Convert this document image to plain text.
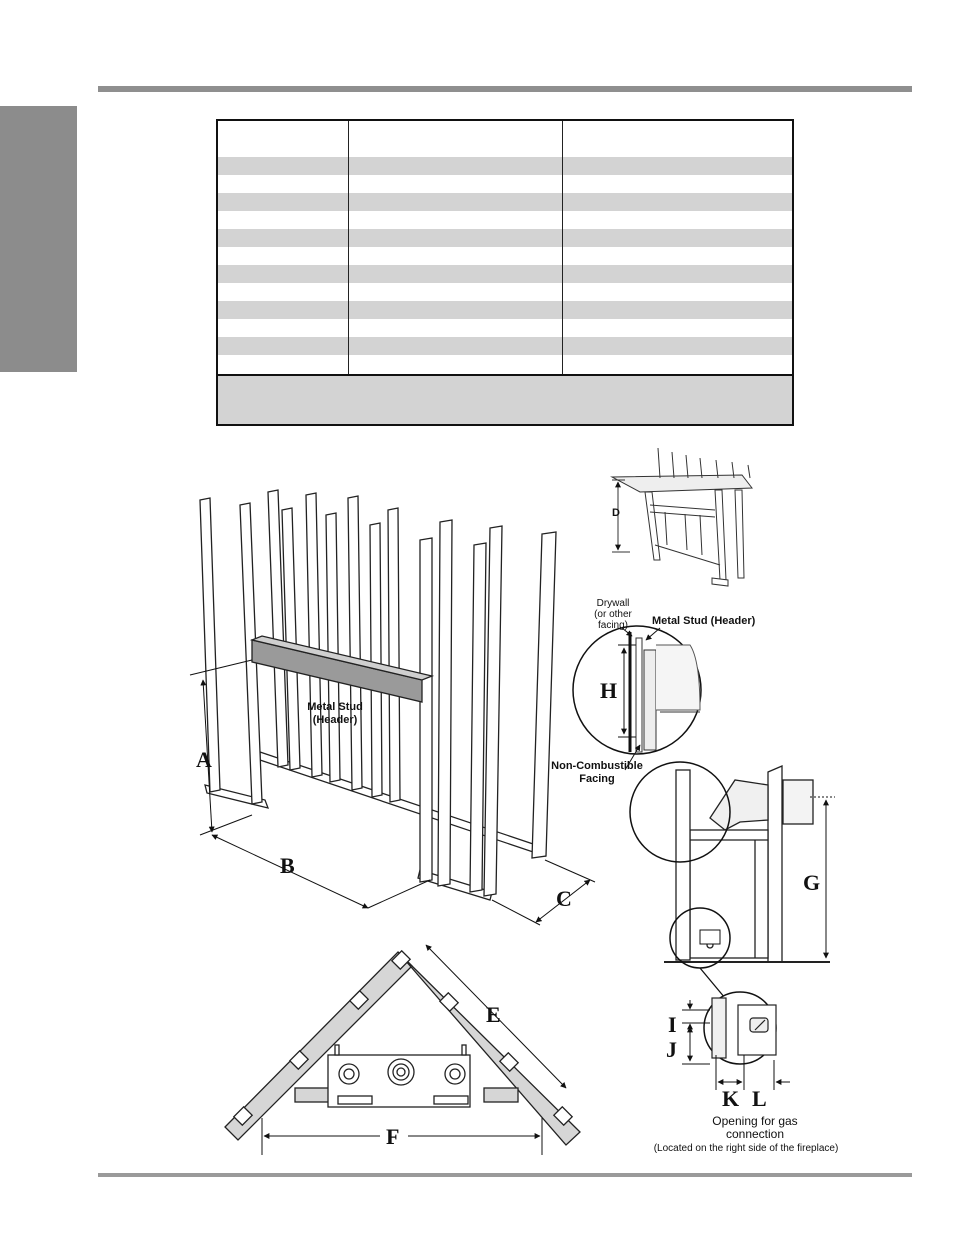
A
B
C
Metal Stud
(Header)
D
H
Drywall
(or other
facing) Metal Stud (Header)
Non-Combustible
Facing
G
I
J
K L
Opening for gas
connection
(Located on the right side of the fireplace)
E
F
